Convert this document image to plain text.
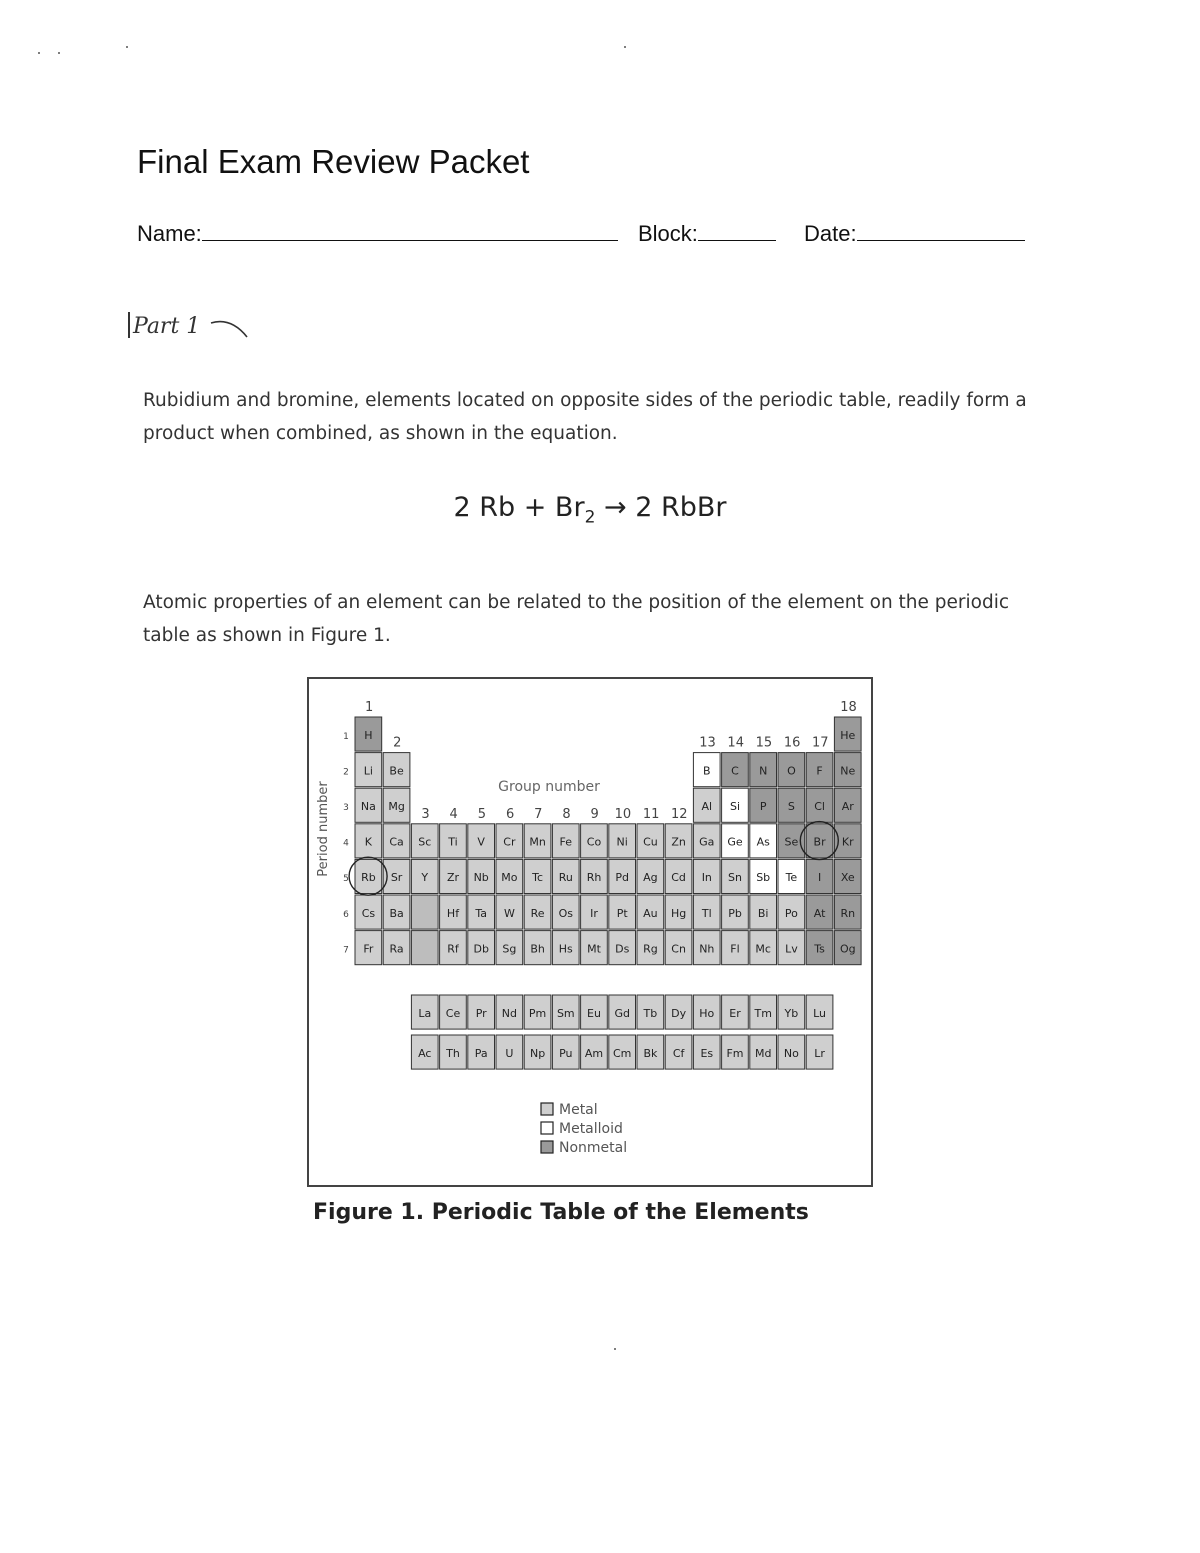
Final Exam Review Packet
Name:	Block:	Date:
Part 1

Rubidium and bromine, elements located on opposite sides of the periodic table, readily form a product when combined, as shown in the equation.

2 $Rb + Br_2 \to 2$ RbBr

Atomic properties of an element can be related to the position of the element on the periodic table as shown in Figure 1.

H	He
Li Be	B C N O F Ne
Na Mg	Al Si P S Cl Ar
K Ca Sc Ti V Cr Mn Fe Co Ni Cu Zn Ga Ge As Se Br Kr
Rb Sr Y Zr Nb Mo Tc Ru Rh Pd Ag Cd In Sn Sb Te I Xe
Cs Ba	Hf Ta W Re Os Ir Pt Au Hg Tl Pb Bi Po At Rn
Fr Ra	Rf Db Sg Bh Hs Mt Ds Rg Cn Nh Fl Mc Lv Ts Og
La Ce Pr Nd Pm Sm Eu Gd Tb Dy Ho Er Tm Yb Lu
Ac Th Pa U Np Pu Am Cm Bk Cf Es Fm Md No Lr
1
2
3 4 5 6 7 8 9 10 11 12
13 14 15 16 17
18
1
2
3
4
5
6
7
Group number
Period number
Metal
Metalloid
Nonmetal
Figure 1. Periodic Table of the Elements
